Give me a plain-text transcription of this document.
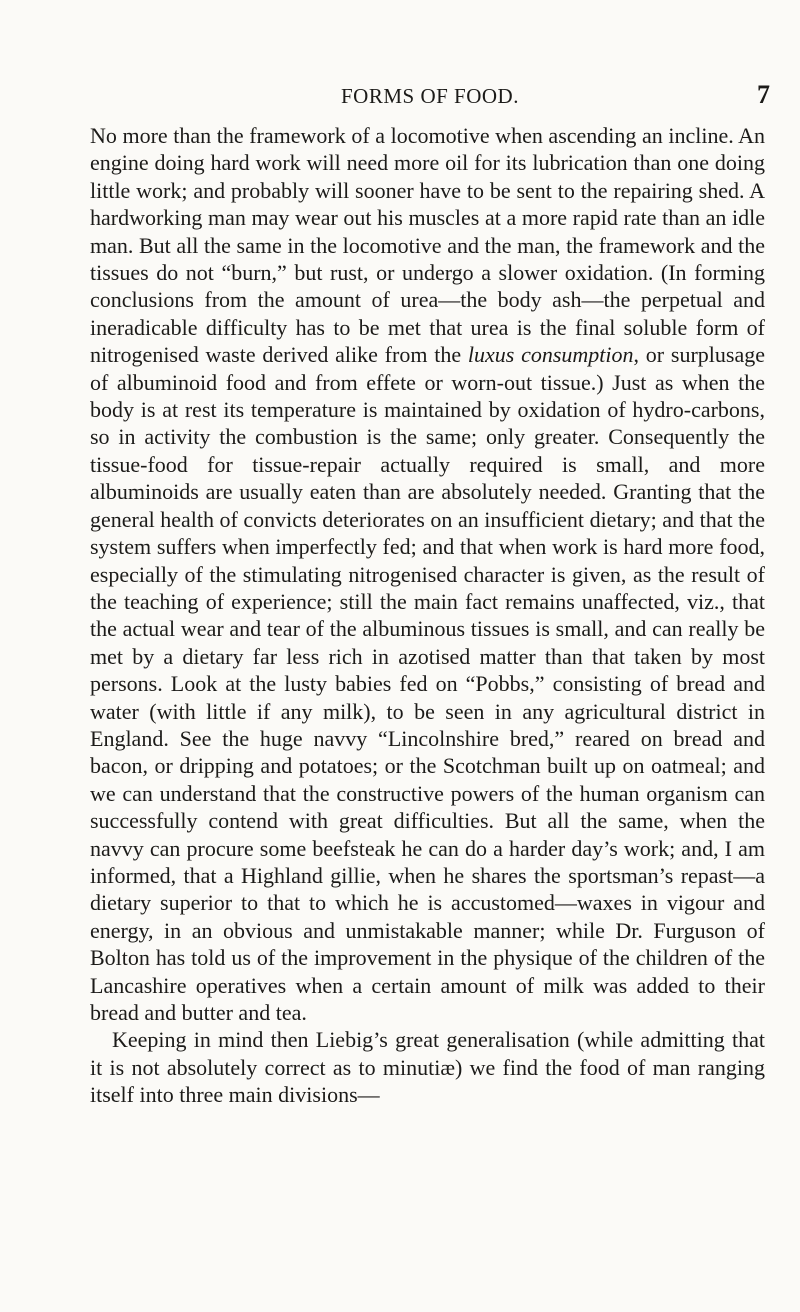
FORMS OF FOOD.	7

No more than the framework of a locomotive when ascending an incline. An engine doing hard work will need more oil for its lubrication than one doing little work; and probably will sooner have to be sent to the repairing shed. A hardworking man may wear out his muscles at a more rapid rate than an idle man. But all the same in the locomotive and the man, the framework and the tissues do not “burn,” but rust, or undergo a slower oxidation. (In forming conclusions from the amount of urea—the body ash—the perpetual and ineradicable difficulty has to be met that urea is the final soluble form of nitrogenised waste derived alike from the luxus consumption, or surplusage of albuminoid food and from effete or worn-out tissue.) Just as when the body is at rest its temperature is maintained by oxidation of hydro-carbons, so in activity the combustion is the same; only greater. Consequently the tissue-food for tissue-repair actually required is small, and more albuminoids are usually eaten than are absolutely needed. Granting that the general health of convicts deteriorates on an insufficient dietary; and that the system suffers when imperfectly fed; and that when work is hard more food, especially of the stimulating nitrogenised character is given, as the result of the teaching of experience; still the main fact remains unaffected, viz., that the actual wear and tear of the albuminous tissues is small, and can really be met by a dietary far less rich in azotised matter than that taken by most persons. Look at the lusty babies fed on “Pobbs,” consisting of bread and water (with little if any milk), to be seen in any agricultural district in England. See the huge navvy “Lincolnshire bred,” reared on bread and bacon, or dripping and potatoes; or the Scotchman built up on oatmeal; and we can understand that the constructive powers of the human organism can successfully contend with great difficulties. But all the same, when the navvy can procure some beefsteak he can do a harder day’s work; and, I am informed, that a Highland gillie, when he shares the sportsman’s repast—a dietary superior to that to which he is accustomed—waxes in vigour and energy, in an obvious and unmistakable manner; while Dr. Furguson of Bolton has told us of the improvement in the physique of the children of the Lancashire operatives when a certain amount of milk was added to their bread and butter and tea.

Keeping in mind then Liebig’s great generalisation (while admitting that it is not absolutely correct as to minutiæ) we find the food of man ranging itself into three main divisions—
